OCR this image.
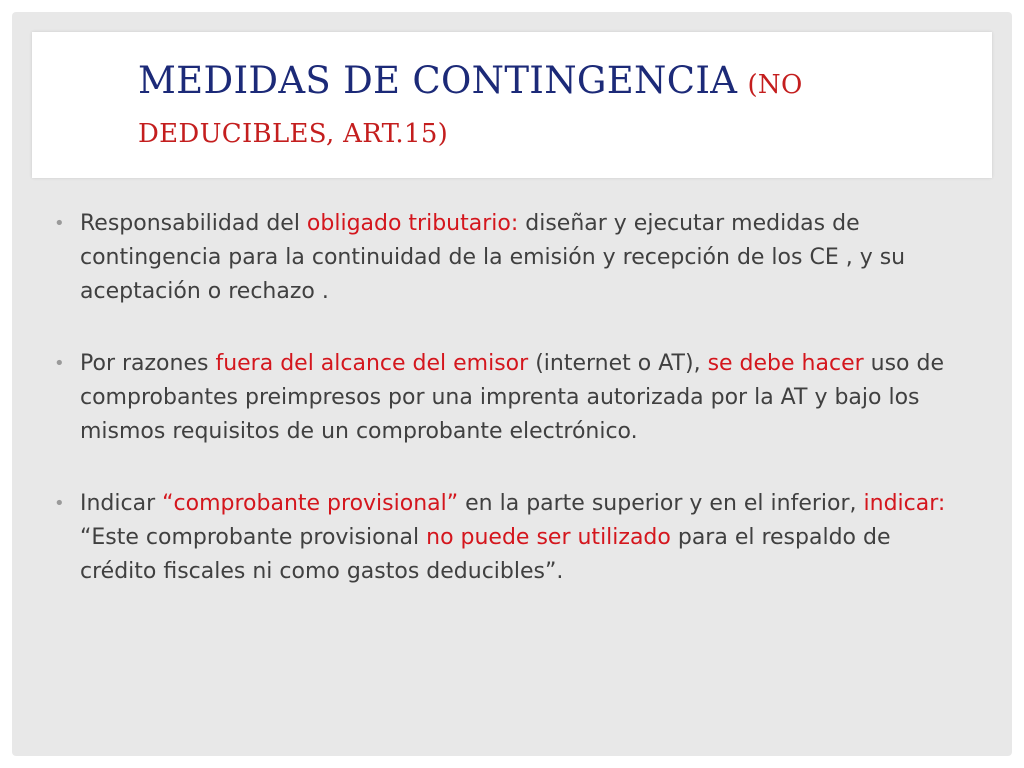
MEDIDAS DE CONTINGENCIA (NO DEDUCIBLES, ART.15)
• Responsabilidad del obligado tributario: diseñar y ejecutar medidas de contingencia para la continuidad de la emisión y recepción de los CE , y su aceptación o rechazo .
• Por razones fuera del alcance del emisor (internet o AT), se debe hacer uso de comprobantes preimpresos por una imprenta autorizada por la AT y bajo los mismos requisitos de un comprobante electrónico.
• Indicar “comprobante provisional” en la parte superior y en el inferior, indicar: “Este comprobante provisional no puede ser utilizado para el respaldo de crédito fiscales ni como gastos deducibles”.
